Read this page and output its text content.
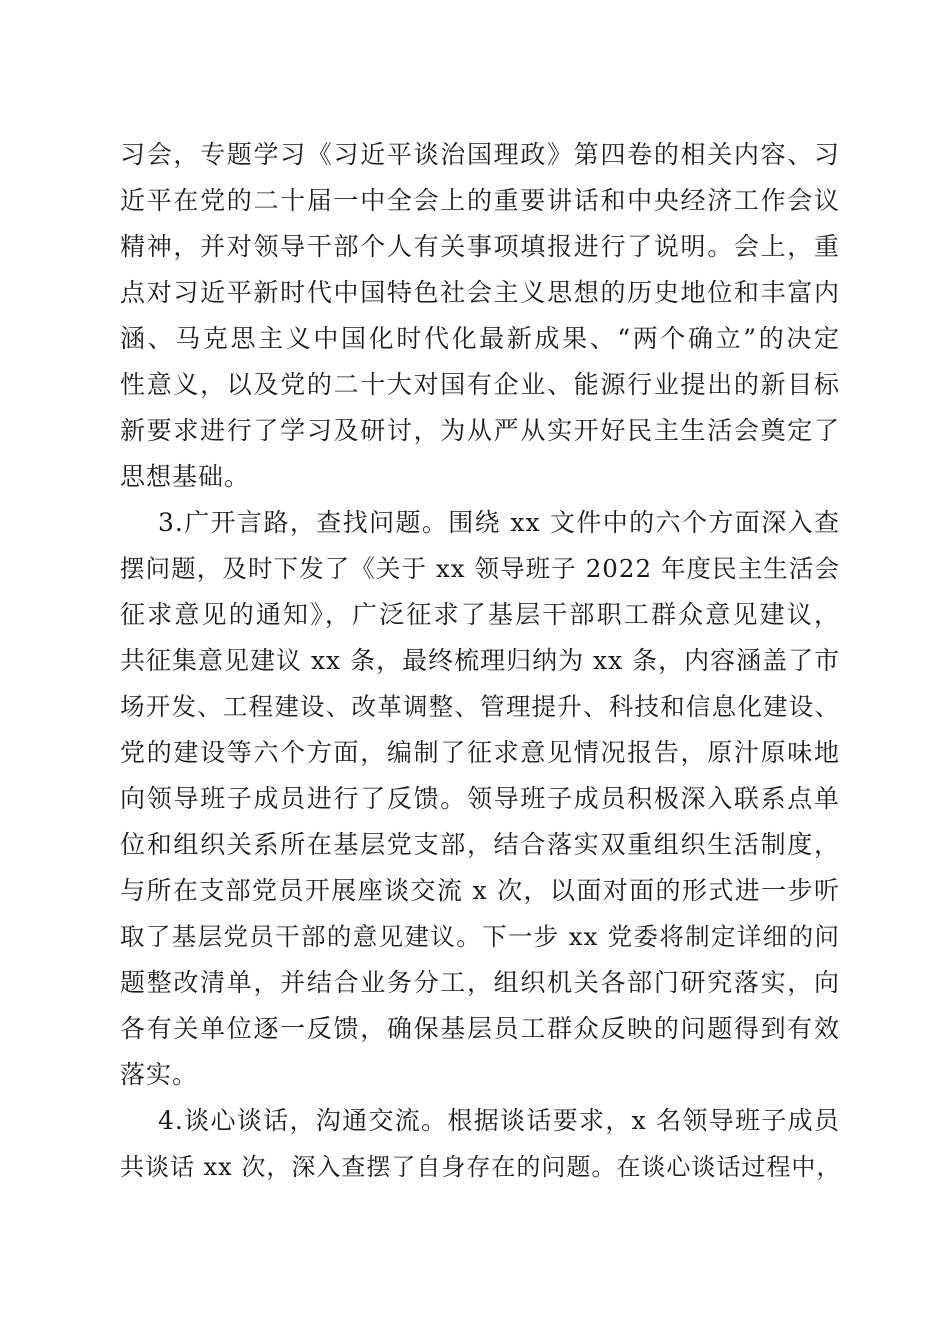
习会，专题学习《习近平谈治国理政》第四卷的相关内容、习
近平在党的二十届一中全会上的重要讲话和中央经济工作会议
精神，并对领导干部个人有关事项填报进行了说明。会上，重
点对习近平新时代中国特色社会主义思想的历史地位和丰富内
涵、马克思主义中国化时代化最新成果、“两个确立”的决定
性意义，以及党的二十大对国有企业、能源行业提出的新目标
新要求进行了学习及研讨，为从严从实开好民主生活会奠定了
思想基础。
3.广开言路，查找问题。围绕 xx 文件中的六个方面深入查
摆问题，及时下发了《关于 xx 领导班子 2022 年度民主生活会
征求意见的通知》，广泛征求了基层干部职工群众意见建议，
共征集意见建议 xx 条，最终梳理归纳为 xx 条，内容涵盖了市
场开发、工程建设、改革调整、管理提升、科技和信息化建设、
党的建设等六个方面，编制了征求意见情况报告，原汁原味地
向领导班子成员进行了反馈。领导班子成员积极深入联系点单
位和组织关系所在基层党支部，结合落实双重组织生活制度，
与所在支部党员开展座谈交流 x 次，以面对面的形式进一步听
取了基层党员干部的意见建议。下一步 xx 党委将制定详细的问
题整改清单，并结合业务分工，组织机关各部门研究落实，向
各有关单位逐一反馈，确保基层员工群众反映的问题得到有效
落实。
4.谈心谈话，沟通交流。根据谈话要求，x 名领导班子成员
共谈话 xx 次，深入查摆了自身存在的问题。在谈心谈话过程中，
